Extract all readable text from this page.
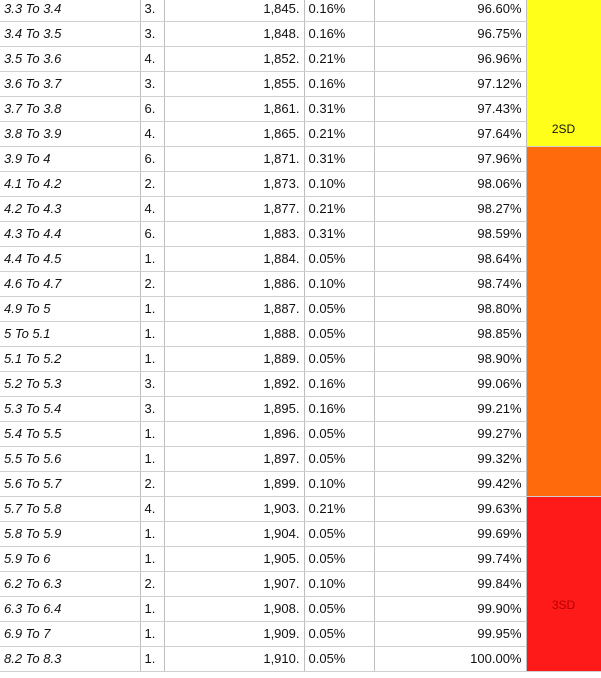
3.3 To 3.4	3.	1,845.	0.16%	96.60%	2SD

3.4 To 3.5	3.	1,848.	0.16%	96.75%	
3.5 To 3.6	4.	1,852.	0.21%	96.96%	
3.6 To 3.7	3.	1,855.	0.16%	97.12%	
3.7 To 3.8	6.	1,861.	0.31%	97.43%	
3.8 To 3.9	4.	1,865.	0.21%	97.64%	
3.9 To 4	6.	1,871.	0.31%	97.96%	
4.1 To 4.2	2.	1,873.	0.10%	98.06%	
4.2 To 4.3	4.	1,877.	0.21%	98.27%	
4.3 To 4.4	6.	1,883.	0.31%	98.59%	
4.4 To 4.5	1.	1,884.	0.05%	98.64%	
4.6 To 4.7	2.	1,886.	0.10%	98.74%	
4.9 To 5	1.	1,887.	0.05%	98.80%	
5 To 5.1	1.	1,888.	0.05%	98.85%	
5.1 To 5.2	1.	1,889.	0.05%	98.90%	
5.2 To 5.3	3.	1,892.	0.16%	99.06%	
5.3 To 5.4	3.	1,895.	0.16%	99.21%	
5.4 To 5.5	1.	1,896.	0.05%	99.27%	
5.5 To 5.6	1.	1,897.	0.05%	99.32%	
5.6 To 5.7	2.	1,899.	0.10%	99.42%	
5.7 To 5.8	4.	1,903.	0.21%	99.63%	3SD

5.8 To 5.9	1.	1,904.	0.05%	99.69%	
5.9 To 6	1.	1,905.	0.05%	99.74%	
6.2 To 6.3	2.	1,907.	0.10%	99.84%	
6.3 To 6.4	1.	1,908.	0.05%	99.90%	
6.9 To 7	1.	1,909.	0.05%	99.95%	
8.2 To 8.3	1.	1,910.	0.05%	100.00%	
